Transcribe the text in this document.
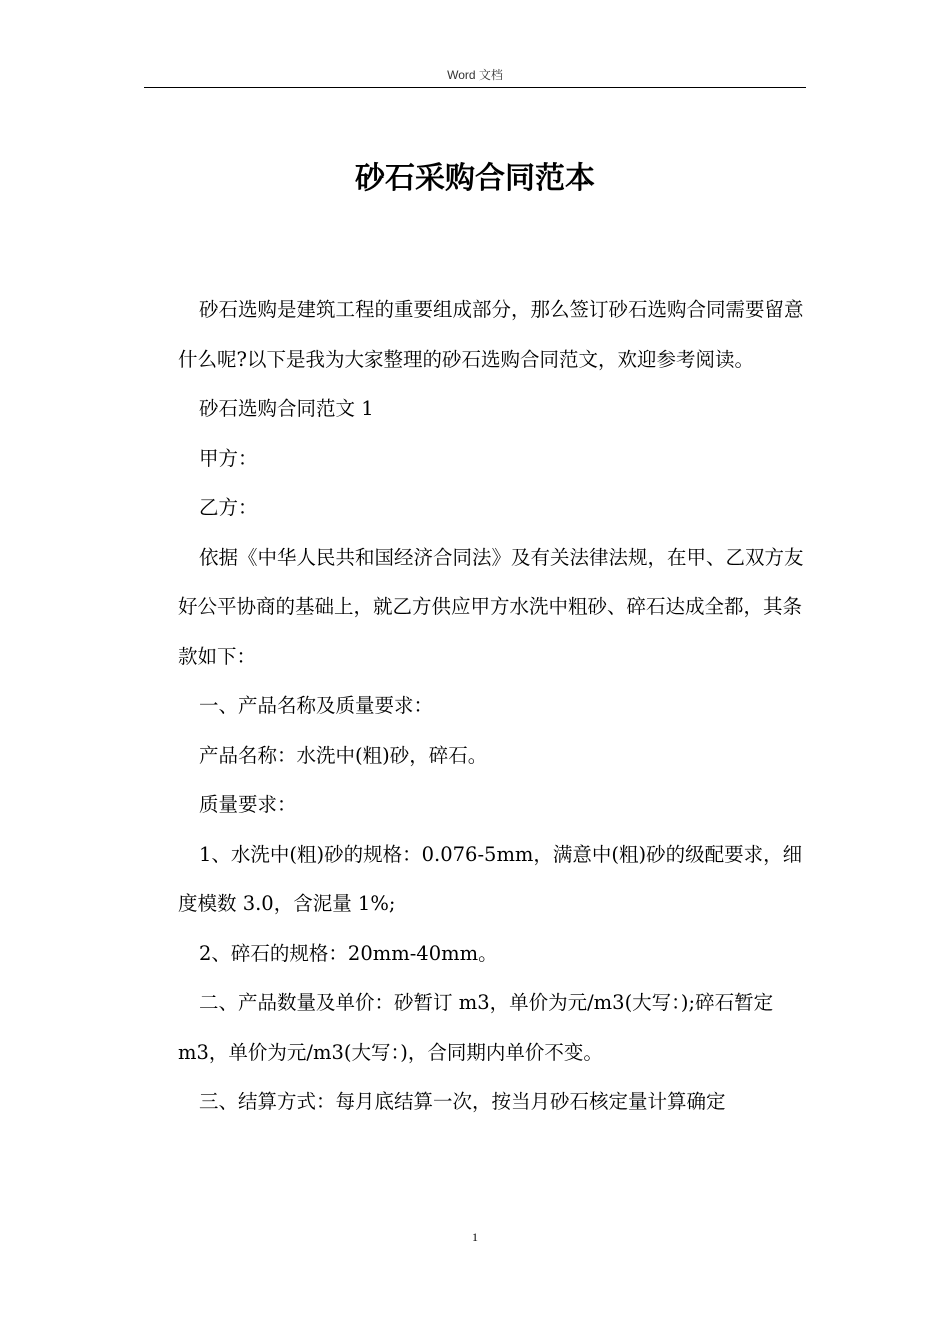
Word 文档
砂石采购合同范本

砂石选购是建筑工程的重要组成部分，那么签订砂石选购合同需要留意什么呢?以下是我为大家整理的砂石选购合同范文，欢迎参考阅读。

砂石选购合同范文 1

甲方：

乙方：

依据《中华人民共和国经济合同法》及有关法律法规，在甲、乙双方友好公平协商的基础上，就乙方供应甲方水洗中粗砂、碎石达成全都，其条款如下：

一、产品名称及质量要求：

产品名称：水洗中(粗)砂，碎石。

质量要求：

1、水洗中(粗)砂的规格：0.076-5mm，满意中(粗)砂的级配要求，细度模数 3.0，含泥量 1%;

2、碎石的规格：20mm-40mm。

二、产品数量及单价：砂暂订 m3，单价为元/m3(大写：);碎石暂定 m3，单价为元/m3(大写：)，合同期内单价不变。

三、结算方式：每月底结算一次，按当月砂石核定量计算确定

1
